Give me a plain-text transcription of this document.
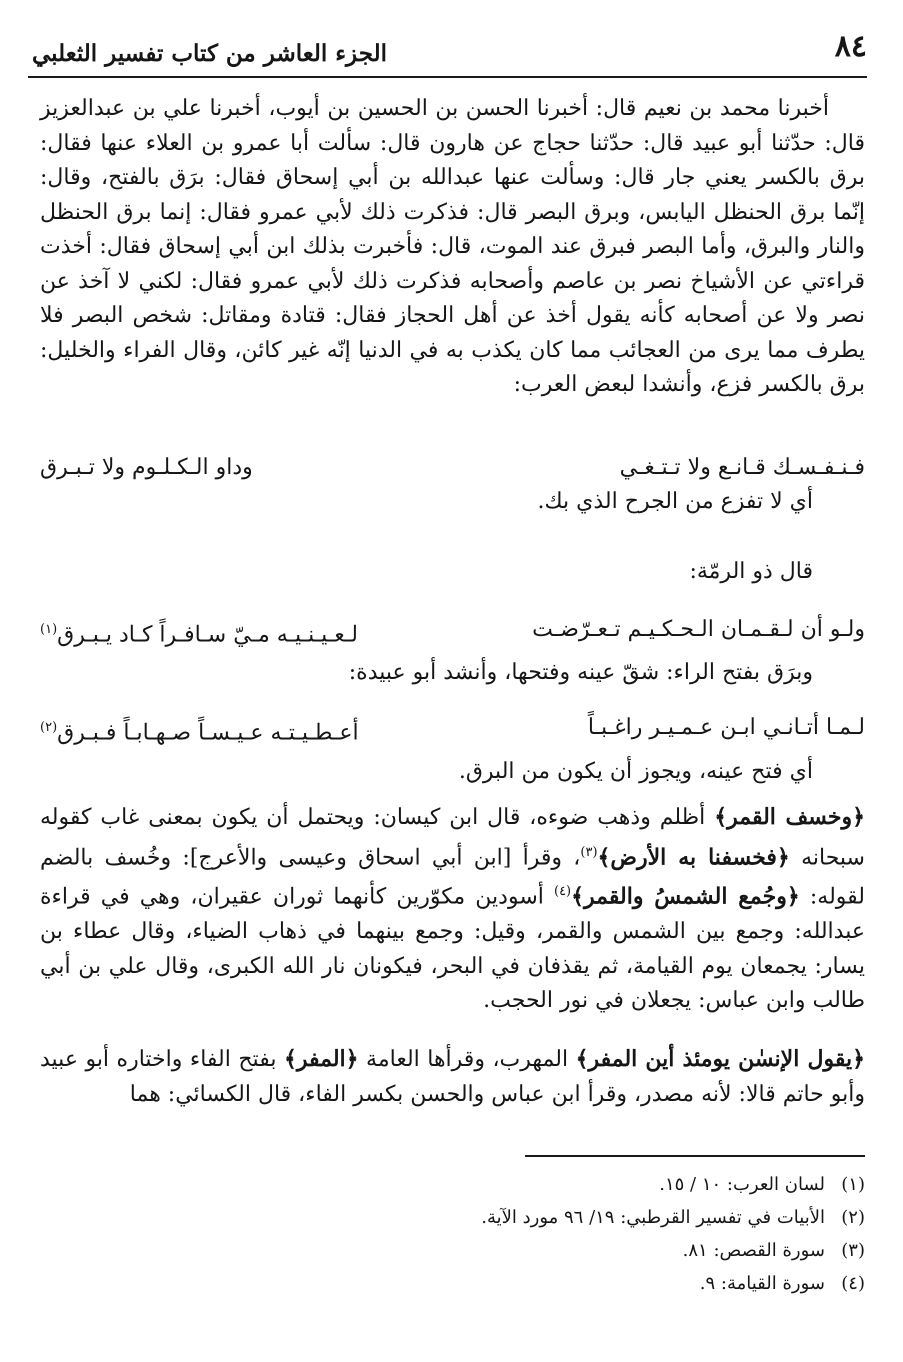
٨٤
الجزء العاشر من كتاب تفسير الثعلبي
أخبرنا محمد بن نعيم قال: أخبرنا الحسن بن الحسين بن أيوب، أخبرنا علي بن عبدالعزيز قال: حدّثنا أبو عبيد قال: حدّثنا حجاج عن هارون قال: سألت أبا عمرو بن العلاء عنها فقال: برق بالكسر يعني جار قال: وسألت عنها عبدالله بن أبي إسحاق فقال: برَق بالفتح، وقال: إنّما برق الحنظل اليابس، وبرق البصر قال: فذكرت ذلك لأبي عمرو فقال: إنما برق الحنظل والنار والبرق، وأما البصر فبرق عند الموت، قال: فأخبرت بذلك ابن أبي إسحاق فقال: أخذت قراءتي عن الأشياخ نصر بن عاصم وأصحابه فذكرت ذلك لأبي عمرو فقال: لكني لا آخذ عن نصر ولا عن أصحابه كأنه يقول أخذ عن أهل الحجاز فقال: قتادة ومقاتل: شخص البصر فلا يطرف مما يرى من العجائب مما كان يكذب به في الدنيا إنّه غير كائن، وقال الفراء والخليل: برق بالكسر فزع، وأنشدا لبعض العرب:
فـنـفـسـك قـانـع ولا تـتـغـي
وداو الـكـلـوم ولا تـبـرق
أي لا تفزع من الجرح الذي بك.
قال ذو الرمّة:
ولـو أن لـقـمـان الـحـكـيـم تـعـرّضـت
لـعـيـنـيـه مـيّ سـافـراً كـاد يـبـرق$^{(١)}$
وبرَق بفتح الراء: شقّ عينه وفتحها، وأنشد أبو عبيدة:
لـمـا أتـانـي ابـن عـمـيـر راغـبـاً
أعـطـيـتـه عـيـسـاً صـهـابـاً فـبـرق$^{(٢)}$
أي فتح عينه، ويجوز أن يكون من البرق.
﴿وخسف القمر﴾ أظلم وذهب ضوءه، قال ابن كيسان: ويحتمل أن يكون بمعنى غاب كقوله سبحانه ﴿فخسفنا به الأرض﴾$^{(٣)}$، وقرأ [ابن أبي اسحاق وعيسى والأعرج]: وخُسف بالضم لقوله: ﴿وجُمع الشمسُ والقمر﴾$^{(٤)}$ أسودين مكوّرين كأنهما ثوران عقيران، وهي في قراءة عبدالله: وجمع بين الشمس والقمر، وقيل: وجمع بينهما في ذهاب الضياء، وقال عطاء بن يسار: يجمعان يوم القيامة، ثم يقذفان في البحر، فيكونان نار الله الكبرى، وقال علي بن أبي طالب وابن عباس: يجعلان في نور الحجب.
﴿يقول الإنسٰن يومئذ أين المفر﴾ المهرب، وقرأها العامة ﴿المفر﴾ بفتح الفاء واختاره أبو عبيد وأبو حاتم قالا: لأنه مصدر، وقرأ ابن عباس والحسن بكسر الفاء، قال الكسائي: هما
(١)لسان العرب: ١٠ / ١٥.
(٢)الأبيات في تفسير القرطبي: ١٩/ ٩٦ مورد الآية.
(٣)سورة القصص: ٨١.
(٤)سورة القيامة: ٩.
